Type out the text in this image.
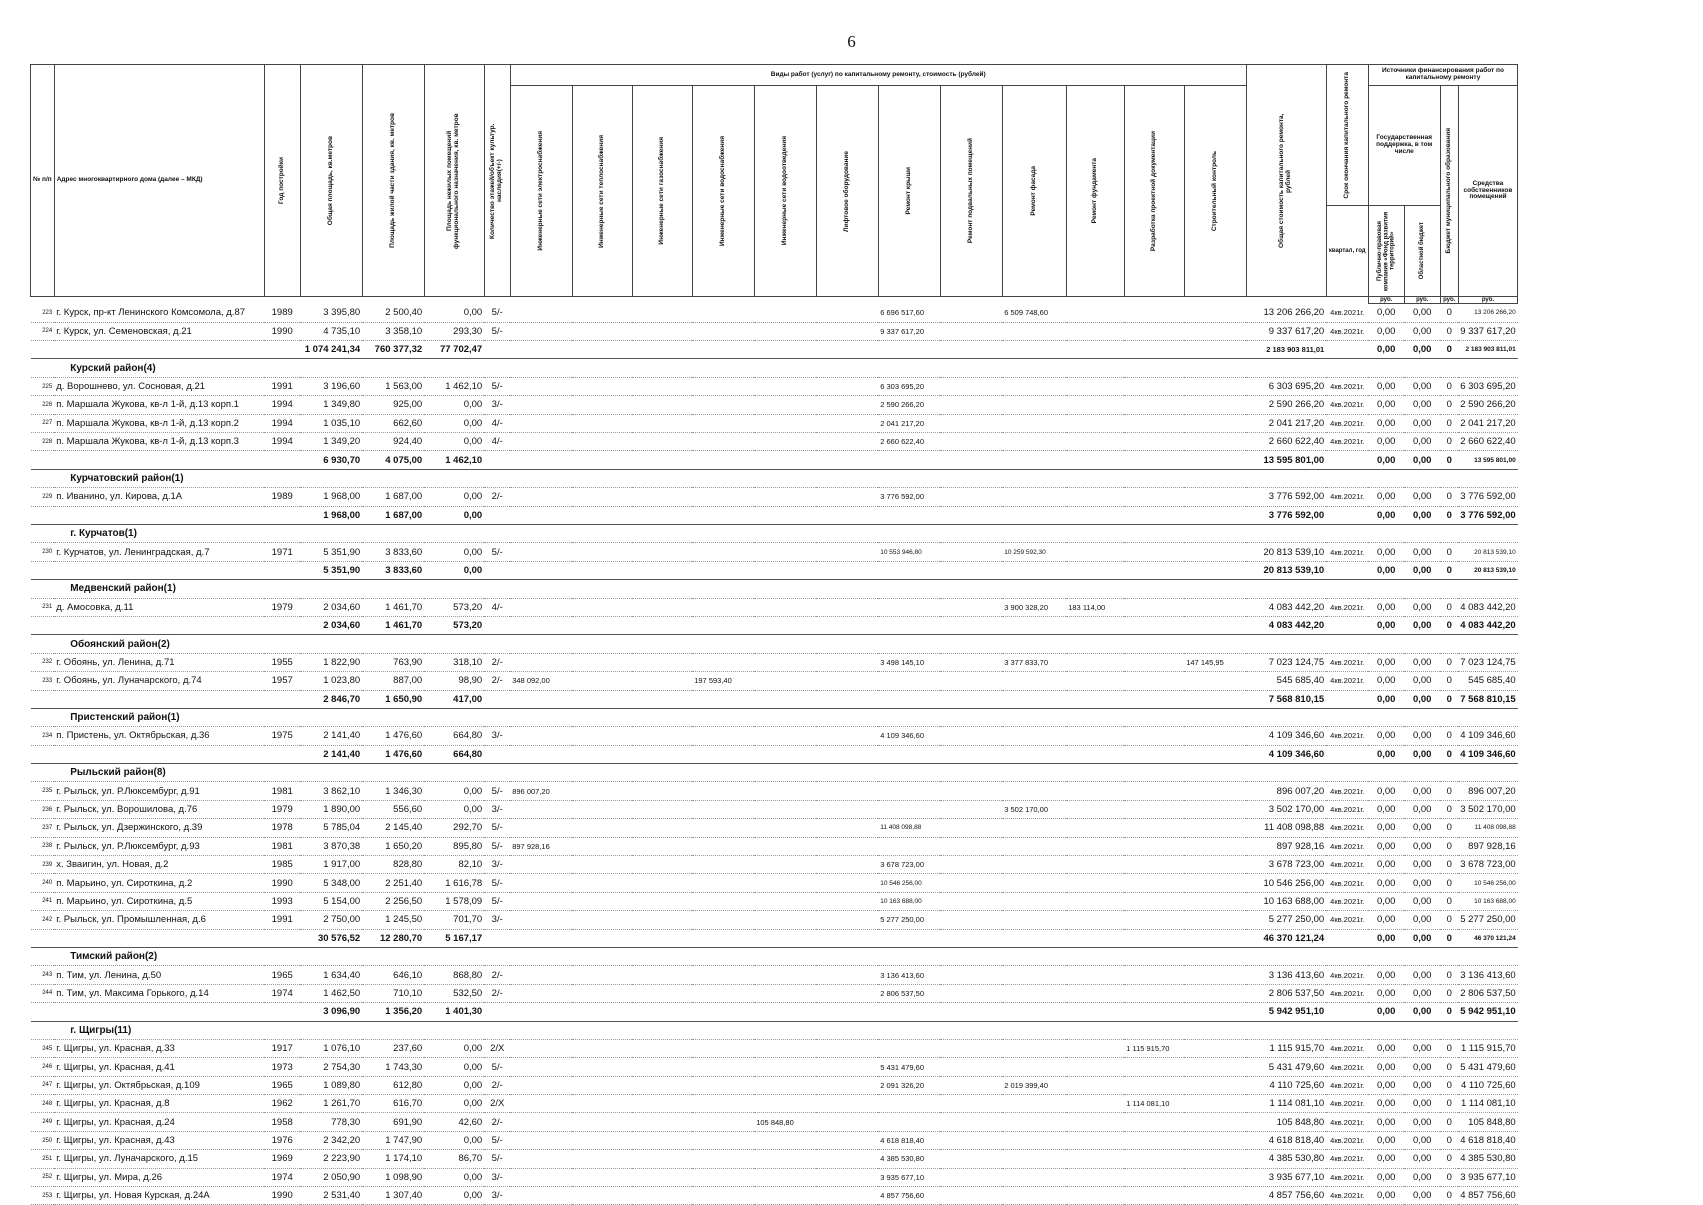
6
№ п/п	Адрес многоквартирного дома (далее – МКД)	Год постройки	Общая площадь, кв.метров	Площадь жилой части здания, кв. метров	Площадь нежилых помещений функционального назначения, кв. метров	Количество этажей/объект культур. наследия(+/-)	Виды работ (услуг) по капитальному ремонту, стоимость (рублей)												Общая стоимость капитального ремонта, рублей	Срок окончания капитального ремонта	Источники финансирования работ по капитальному ремонту			

							Инженерные сети электроснабжения	Инженерные сети теплоснабжения	Инженерные сети газоснабжения	Инженерные сети водоснабжения	Инженерные сети водоотведения	Лифтовое оборудование	Ремонт крыши	Ремонт подвальных помещений	Ремонт фасада	Ремонт фундамента	Разработка проектной документации	Строительный контроль			Государственная поддержка, в том числе		Бюджет муниципального образования	Средства собственников помещений
																				квартал, год	Публично-правовая компания «Фонд развития территорий»	Областной бюджет		

																					руб.	руб.	руб.	руб.
223	г. Курск, пр-кт Ленинского Комсомола, д.87	1989	3 395,80	2 500,40	0,00	5/-							6 696 517,60		6 509 748,60				13 206 266,20	4кв.2021г.	0,00	0,00	0	13 206 266,20
224	г. Курск, ул. Семеновская, д.21	1990	4 735,10	3 358,10	293,30	5/-							9 337 617,20						9 337 617,20	4кв.2021г.	0,00	0,00	0	9 337 617,20
			1 074 241,34	760 377,32	77 702,47														2 183 903 811,01		0,00	0,00	0	2 183 903 811,01
	Курский район(4)																							
225	д. Ворошнево, ул. Сосновая, д.21	1991	3 196,60	1 563,00	1 462,10	5/-							6 303 695,20						6 303 695,20	4кв.2021г.	0,00	0,00	0	6 303 695,20
226	п. Маршала Жукова, кв-л 1-й, д.13 корп.1	1994	1 349,80	925,00	0,00	3/-							2 590 266,20						2 590 266,20	4кв.2021г.	0,00	0,00	0	2 590 266,20
227	п. Маршала Жукова, кв-л 1-й, д.13 корп.2	1994	1 035,10	662,60	0,00	4/-							2 041 217,20						2 041 217,20	4кв.2021г.	0,00	0,00	0	2 041 217,20
228	п. Маршала Жукова, кв-л 1-й, д.13 корп.3	1994	1 349,20	924,40	0,00	4/-							2 660 622,40						2 660 622,40	4кв.2021г.	0,00	0,00	0	2 660 622,40
			6 930,70	4 075,00	1 462,10														13 595 801,00		0,00	0,00	0	13 595 801,00
	Курчатовский район(1)																							
229	п. Иванино, ул. Кирова, д.1А	1989	1 968,00	1 687,00	0,00	2/-							3 776 592,00						3 776 592,00	4кв.2021г.	0,00	0,00	0	3 776 592,00
			1 968,00	1 687,00	0,00														3 776 592,00		0,00	0,00	0	3 776 592,00
	г. Курчатов(1)																							
230	г. Курчатов, ул. Ленинградская, д.7	1971	5 351,90	3 833,60	0,00	5/-							10 553 946,80		10 259 592,30				20 813 539,10	4кв.2021г.	0,00	0,00	0	20 813 539,10
			5 351,90	3 833,60	0,00														20 813 539,10		0,00	0,00	0	20 813 539,10
	Медвенский район(1)																							
231	д. Амосовка, д.11	1979	2 034,60	1 461,70	573,20	4/-									3 900 328,20	183 114,00			4 083 442,20	4кв.2021г.	0,00	0,00	0	4 083 442,20
			2 034,60	1 461,70	573,20														4 083 442,20		0,00	0,00	0	4 083 442,20
	Обоянский район(2)																							
232	г. Обоянь, ул. Ленина, д.71	1955	1 822,90	763,90	318,10	2/-							3 498 145,10		3 377 833,70			147 145,95	7 023 124,75	4кв.2021г.	0,00	0,00	0	7 023 124,75
233	г. Обоянь, ул. Луначарского, д.74	1957	1 023,80	887,00	98,90	2/-	348 092,00			197 593,40									545 685,40	4кв.2021г.	0,00	0,00	0	545 685,40
			2 846,70	1 650,90	417,00														7 568 810,15		0,00	0,00	0	7 568 810,15
	Пристенский район(1)																							
234	п. Пристень, ул. Октябрьская, д.36	1975	2 141,40	1 476,60	664,80	3/-							4 109 346,60						4 109 346,60	4кв.2021г.	0,00	0,00	0	4 109 346,60
			2 141,40	1 476,60	664,80														4 109 346,60		0,00	0,00	0	4 109 346,60
	Рыльский район(8)																							
235	г. Рыльск, ул. Р.Люксембург, д.91	1981	3 862,10	1 346,30	0,00	5/-	896 007,20												896 007,20	4кв.2021г.	0,00	0,00	0	896 007,20
236	г. Рыльск, ул. Ворошилова, д.76	1979	1 890,00	556,60	0,00	3/-									3 502 170,00				3 502 170,00	4кв.2021г.	0,00	0,00	0	3 502 170,00
237	г. Рыльск, ул. Дзержинского, д.39	1978	5 785,04	2 145,40	292,70	5/-							11 408 098,88						11 408 098,88	4кв.2021г.	0,00	0,00	0	11 408 098,88
238	г. Рыльск, ул. Р.Люксембург, д.93	1981	3 870,38	1 650,20	895,80	5/-	897 928,16												897 928,16	4кв.2021г.	0,00	0,00	0	897 928,16
239	х. Зваигин, ул. Новая, д.2	1985	1 917,00	828,80	82,10	3/-							3 678 723,00						3 678 723,00	4кв.2021г.	0,00	0,00	0	3 678 723,00
240	п. Марьино, ул. Сироткина, д.2	1990	5 348,00	2 251,40	1 616,78	5/-							10 546 256,00						10 546 256,00	4кв.2021г.	0,00	0,00	0	10 546 256,00
241	п. Марьино, ул. Сироткина, д.5	1993	5 154,00	2 256,50	1 578,09	5/-							10 163 688,00						10 163 688,00	4кв.2021г.	0,00	0,00	0	10 163 688,00
242	г. Рыльск, ул. Промышленная, д.6	1991	2 750,00	1 245,50	701,70	3/-							5 277 250,00						5 277 250,00	4кв.2021г.	0,00	0,00	0	5 277 250,00
			30 576,52	12 280,70	5 167,17														46 370 121,24		0,00	0,00	0	46 370 121,24
	Тимский район(2)																							
243	п. Тим, ул. Ленина, д.50	1965	1 634,40	646,10	868,80	2/-							3 136 413,60						3 136 413,60	4кв.2021г.	0,00	0,00	0	3 136 413,60
244	п. Тим, ул. Максима Горького, д.14	1974	1 462,50	710,10	532,50	2/-							2 806 537,50						2 806 537,50	4кв.2021г.	0,00	0,00	0	2 806 537,50
			3 096,90	1 356,20	1 401,30														5 942 951,10		0,00	0,00	0	5 942 951,10
	г. Щигры(11)																							
245	г. Щигры, ул. Красная, д.33	1917	1 076,10	237,60	0,00	2/X											1 115 915,70		1 115 915,70	4кв.2021г.	0,00	0,00	0	1 115 915,70
246	г. Щигры, ул. Красная, д.41	1973	2 754,30	1 743,30	0,00	5/-							5 431 479,60						5 431 479,60	4кв.2021г.	0,00	0,00	0	5 431 479,60
247	г. Щигры, ул. Октябрьская, д.109	1965	1 089,80	612,80	0,00	2/-							2 091 326,20		2 019 399,40				4 110 725,60	4кв.2021г.	0,00	0,00	0	4 110 725,60
248	г. Щигры, ул. Красная, д.8	1962	1 261,70	616,70	0,00	2/X											1 114 081,10		1 114 081,10	4кв.2021г.	0,00	0,00	0	1 114 081,10
249	г. Щигры, ул. Красная, д.24	1958	778,30	691,90	42,60	2/-					105 848,80								105 848,80	4кв.2021г.	0,00	0,00	0	105 848,80
250	г. Щигры, ул. Красная, д.43	1976	2 342,20	1 747,90	0,00	5/-							4 618 818,40						4 618 818,40	4кв.2021г.	0,00	0,00	0	4 618 818,40
251	г. Щигры, ул. Луначарского, д.15	1969	2 223,90	1 174,10	86,70	5/-							4 385 530,80						4 385 530,80	4кв.2021г.	0,00	0,00	0	4 385 530,80
252	г. Щигры, ул. Мира, д.26	1974	2 050,90	1 098,90	0,00	3/-							3 935 677,10						3 935 677,10	4кв.2021г.	0,00	0,00	0	3 935 677,10
253	г. Щигры, ул. Новая Курская, д.24А	1990	2 531,40	1 307,40	0,00	3/-							4 857 756,60						4 857 756,60	4кв.2021г.	0,00	0,00	0	4 857 756,60
